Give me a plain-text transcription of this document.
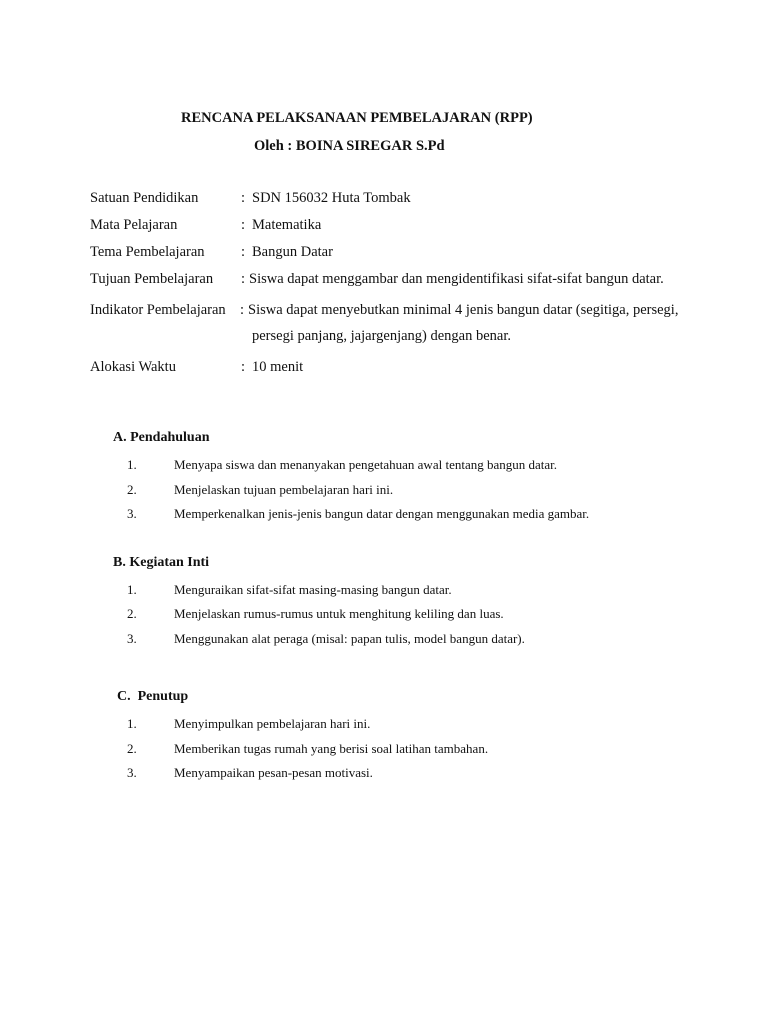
RENCANA PELAKSANAAN PEMBELAJARAN (RPP)
Oleh : BOINA SIREGAR S.Pd
Satuan Pendidikan	: SDN 156032 Huta Tombak
Mata Pelajaran	: Matematika
Tema Pembelajaran	: Bangun Datar
Tujuan Pembelajaran : Siswa dapat menggambar dan mengidentifikasi sifat-sifat bangun datar.
Indikator Pembelajaran : Siswa dapat menyebutkan minimal 4 jenis bangun datar (segitiga, persegi,
persegi panjang, jajargenjang) dengan benar.
Alokasi Waktu	: 10 menit
A. Pendahuluan
1.	Menyapa siswa dan menanyakan pengetahuan awal tentang bangun datar.
2.	Menjelaskan tujuan pembelajaran hari ini.
3.	Memperkenalkan jenis-jenis bangun datar dengan menggunakan media gambar.
B. Kegiatan Inti
1.	Menguraikan sifat-sifat masing-masing bangun datar.
2.	Menjelaskan rumus-rumus untuk menghitung keliling dan luas.
3.	Menggunakan alat peraga (misal: papan tulis, model bangun datar).
C.  Penutup
1.	Menyimpulkan pembelajaran hari ini.
2.	Memberikan tugas rumah yang berisi soal latihan tambahan.
3.	Menyampaikan pesan-pesan motivasi.
